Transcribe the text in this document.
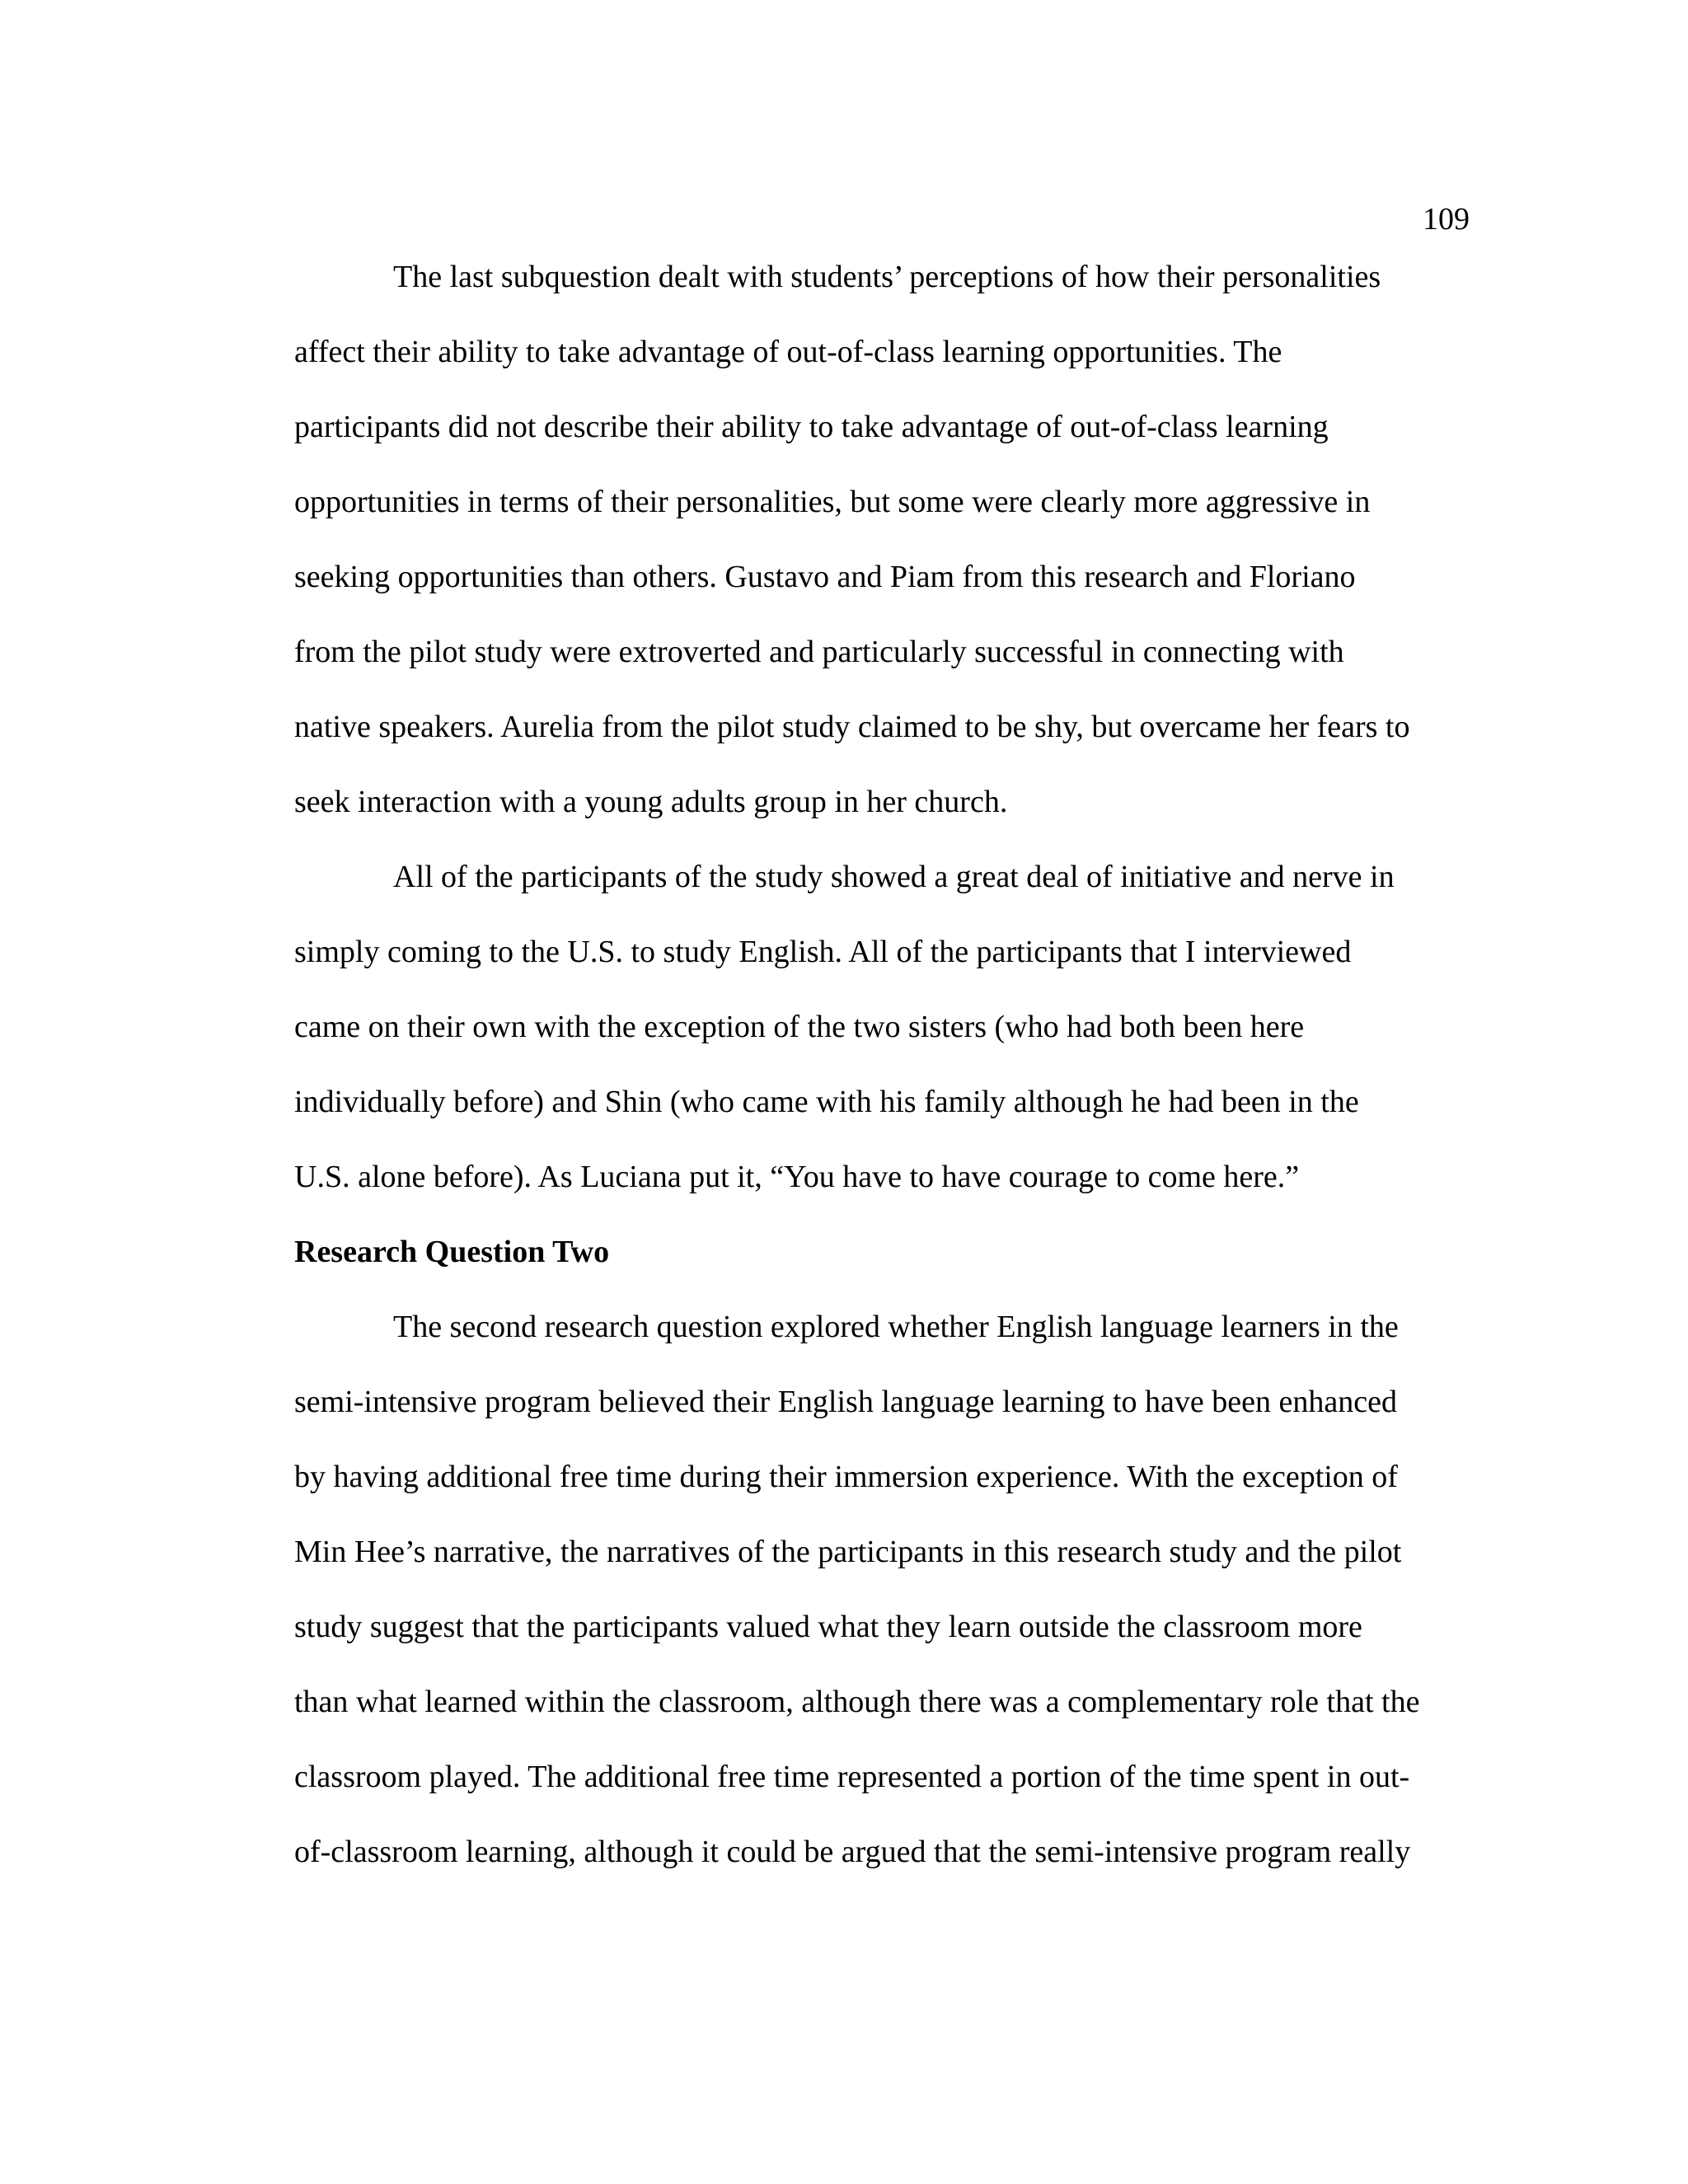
109
The last subquestion dealt with students’ perceptions of how their personalities
affect their ability to take advantage of out-of-class learning opportunities. The
participants did not describe their ability to take advantage of out-of-class learning
opportunities in terms of their personalities, but some were clearly more aggressive in
seeking opportunities than others. Gustavo and Piam from this research and Floriano
from the pilot study were extroverted and particularly successful in connecting with
native speakers. Aurelia from the pilot study claimed to be shy, but overcame her fears to
seek interaction with a young adults group in her church.
All of the participants of the study showed a great deal of initiative and nerve in
simply coming to the U.S. to study English. All of the participants that I interviewed
came on their own with the exception of the two sisters (who had both been here
individually before) and Shin (who came with his family although he had been in the
U.S. alone before). As Luciana put it, “You have to have courage to come here.”
Research Question Two
The second research question explored whether English language learners in the
semi-intensive program believed their English language learning to have been enhanced
by having additional free time during their immersion experience. With the exception of
Min Hee’s narrative, the narratives of the participants in this research study and the pilot
study suggest that the participants valued what they learn outside the classroom more
than what learned within the classroom, although there was a complementary role that the
classroom played. The additional free time represented a portion of the time spent in out-
of-classroom learning, although it could be argued that the semi-intensive program really
